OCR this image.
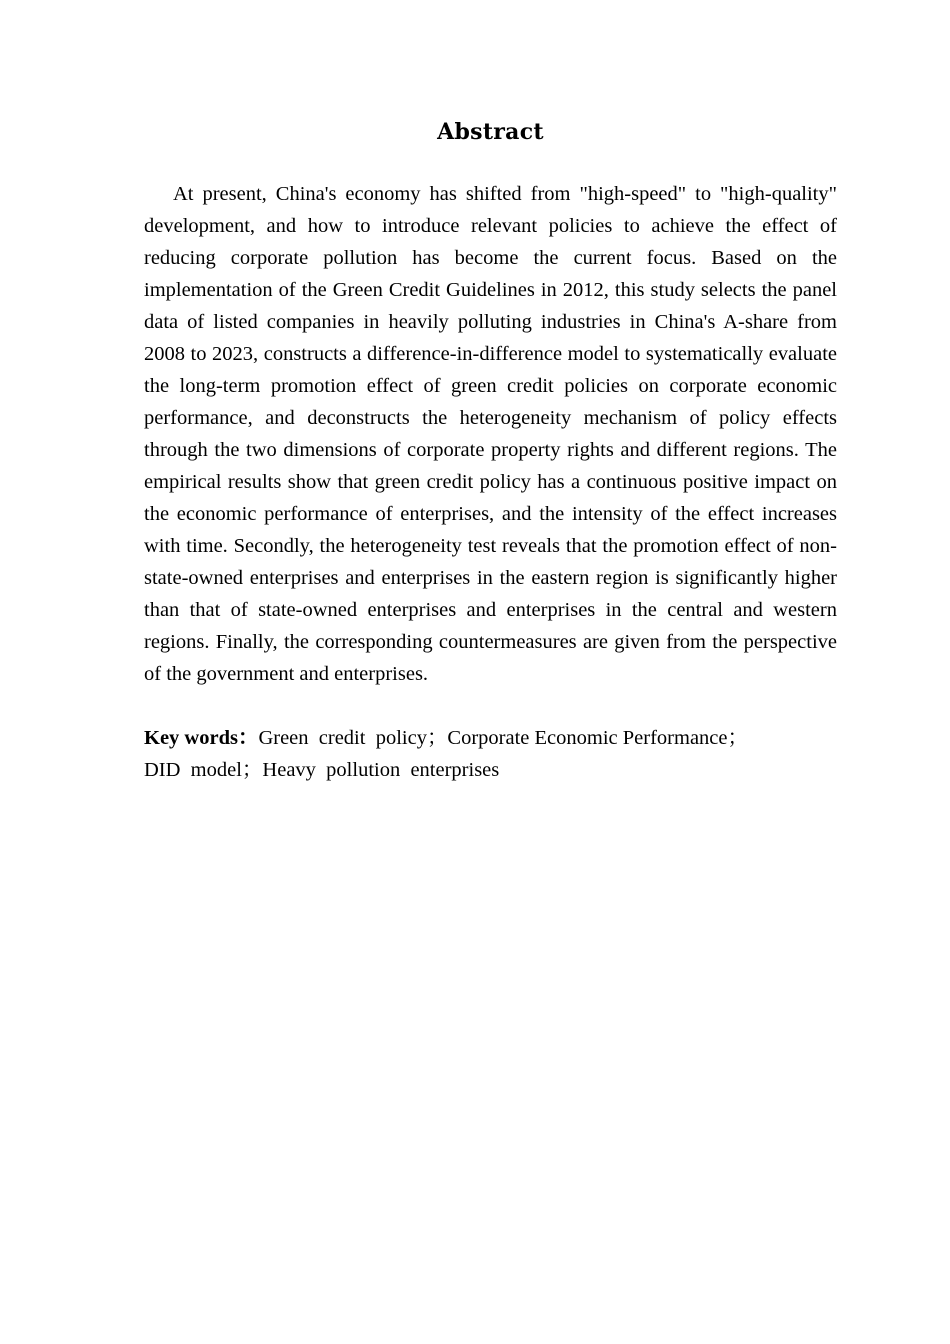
Abstract

At present, China's economy has shifted from "high-speed" to "high-quality" development, and how to introduce relevant policies to achieve the effect of reducing corporate pollution has become the current focus. Based on the implementation of the Green Credit Guidelines in 2012, this study selects the panel data of listed companies in heavily polluting industries in China's A-share from 2008 to 2023, constructs a difference-in-difference model to systematically evaluate the long-term promotion effect of green credit policies on corporate economic performance, and deconstructs the heterogeneity mechanism of policy effects through the two dimensions of corporate property rights and different regions. The empirical results show that green credit policy has a continuous positive impact on the economic performance of enterprises, and the intensity of the effect increases with time. Secondly, the heterogeneity test reveals that the promotion effect of non-state-owned enterprises and enterprises in the eastern region is significantly higher than that of state-owned enterprises and enterprises in the central and western regions. Finally, the corresponding countermeasures are given from the perspective of the government and enterprises.

Key words：Green  credit  policy；Corporate Economic Performance；
DID  model；Heavy  pollution  enterprises
